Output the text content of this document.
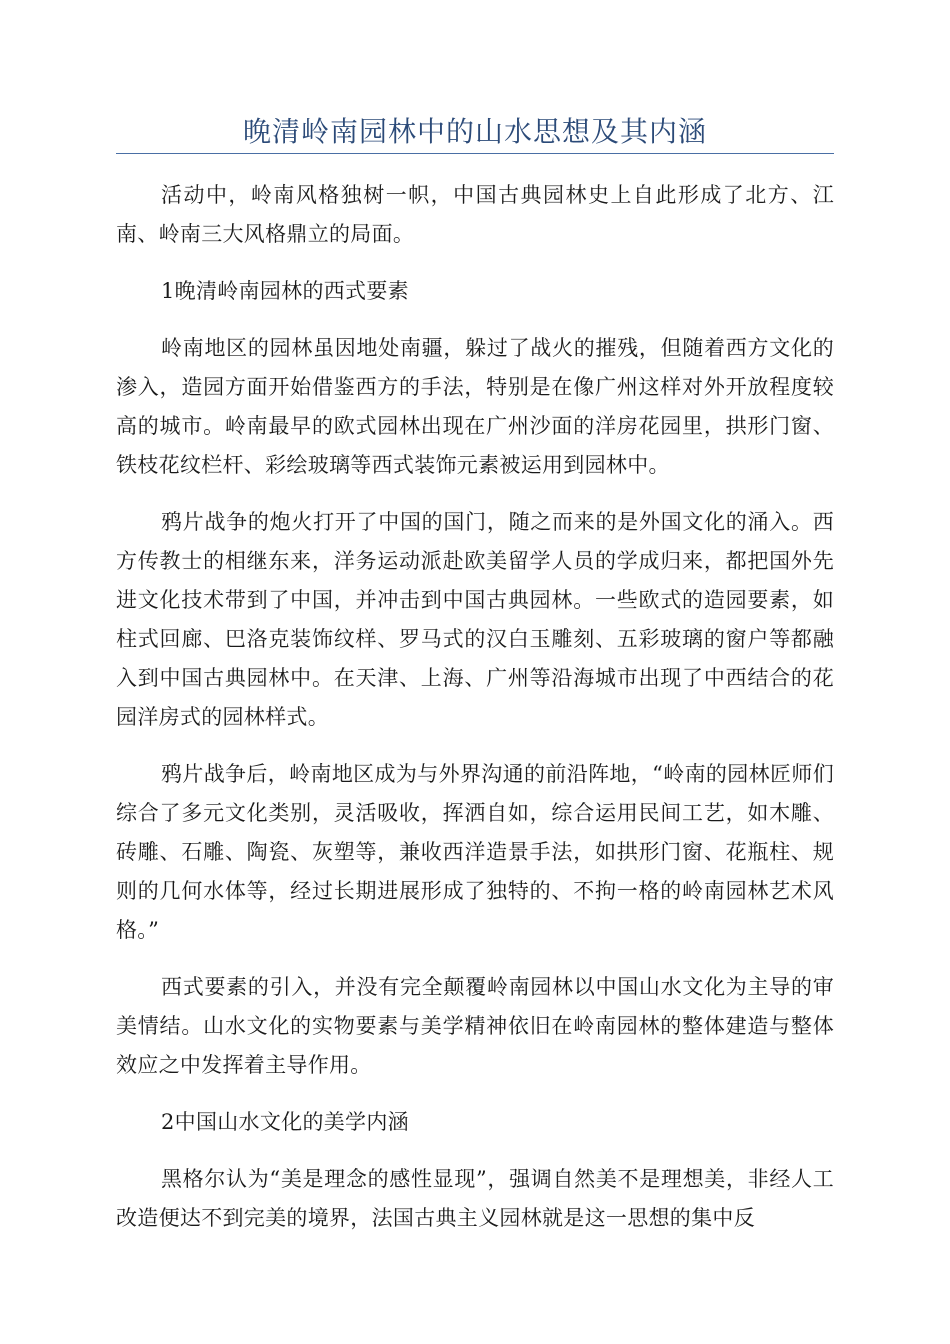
晚清岭南园林中的山水思想及其内涵

活动中，岭南风格独树一帜，中国古典园林史上自此形成了北方、江南、岭南三大风格鼎立的局面。

1晚清岭南园林的西式要素

岭南地区的园林虽因地处南疆，躲过了战火的摧残，但随着西方文化的渗入，造园方面开始借鉴西方的手法，特别是在像广州这样对外开放程度较高的城市。岭南最早的欧式园林出现在广州沙面的洋房花园里，拱形门窗、铁枝花纹栏杆、彩绘玻璃等西式装饰元素被运用到园林中。

鸦片战争的炮火打开了中国的国门，随之而来的是外国文化的涌入。西方传教士的相继东来，洋务运动派赴欧美留学人员的学成归来，都把国外先进文化技术带到了中国，并冲击到中国古典园林。一些欧式的造园要素，如柱式回廊、巴洛克装饰纹样、罗马式的汉白玉雕刻、五彩玻璃的窗户等都融入到中国古典园林中。在天津、上海、广州等沿海城市出现了中西结合的花园洋房式的园林样式。

鸦片战争后，岭南地区成为与外界沟通的前沿阵地，“岭南的园林匠师们综合了多元文化类别，灵活吸收，挥洒自如，综合运用民间工艺，如木雕、砖雕、石雕、陶瓷、灰塑等，兼收西洋造景手法，如拱形门窗、花瓶柱、规则的几何水体等，经过长期进展形成了独特的、不拘一格的岭南园林艺术风格。”

西式要素的引入，并没有完全颠覆岭南园林以中国山水文化为主导的审美情结。山水文化的实物要素与美学精神依旧在岭南园林的整体建造与整体效应之中发挥着主导作用。

2中国山水文化的美学内涵

黑格尔认为“美是理念的感性显现”，强调自然美不是理想美，非经人工改造便达不到完美的境界，法国古典主义园林就是这一思想的集中反
